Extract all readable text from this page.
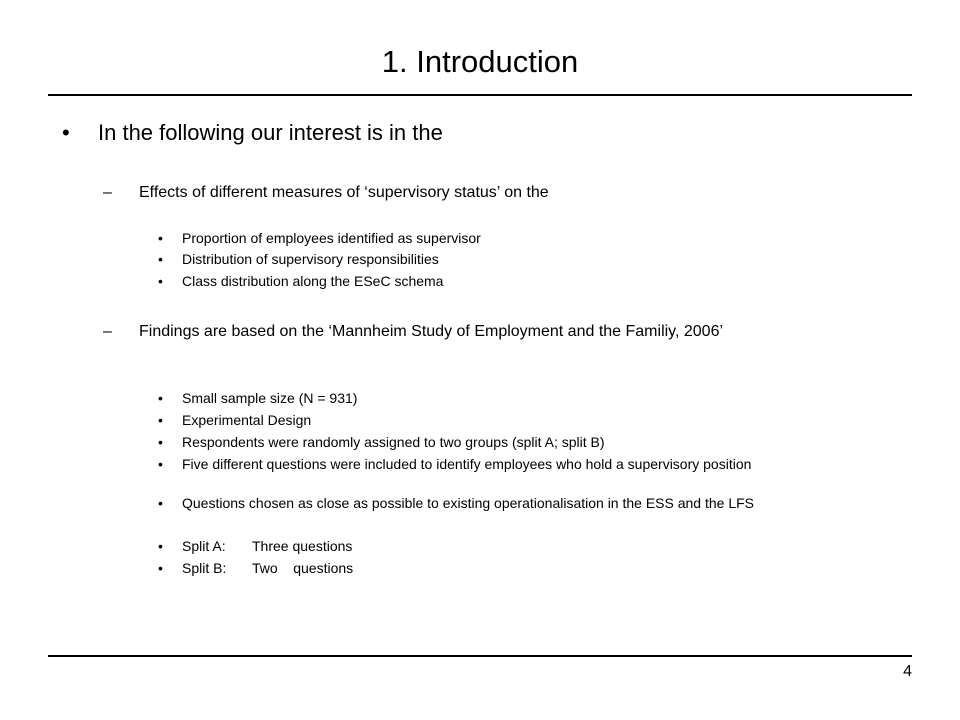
1. Introduction
• In the following our interest is in the
– Effects of different measures of ‘supervisory status’ on the
• Proportion of employees identified as supervisor
• Distribution of supervisory responsibilities
• Class distribution along the ESeC schema
– Findings are based on the ‘Mannheim Study of Employment and the Familiy, 2006’
• Small sample size (N = 931)
• Experimental Design
• Respondents were randomly assigned to two groups (split A; split B)
• Five different questions were included to identify employees who hold a supervisory position
• Questions chosen as close as possible to existing operationalisation in the ESS and the LFS
• Split A: Three questions
• Split B: Two    questions
4
